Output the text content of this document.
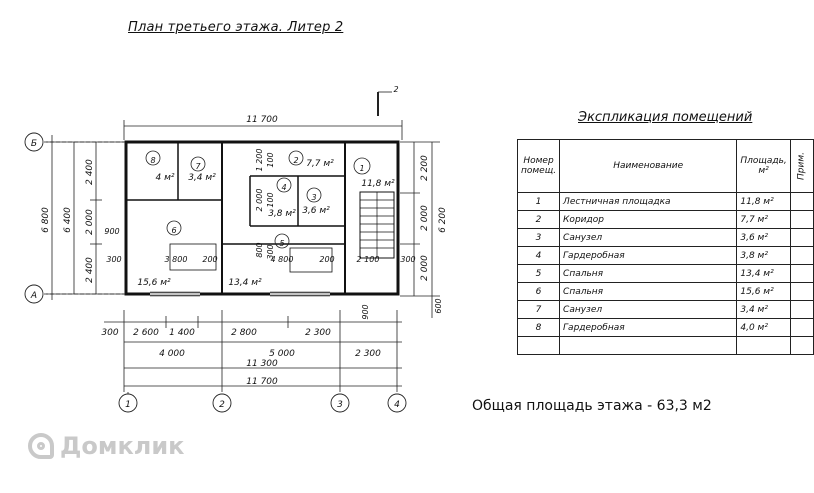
План третьего этажа. Литер 2
2
Б
А
1	2	3	4
11 700
300 2 600 1 400	2 800	2 300
4 000	5 000	2 300
11 300
11 700
6 800 6 400
2 400
2 000
2 400
2 200
2 000
2 000
6 200
600
900
300	3 800 200	4 800	200	2 100	300
1 200 100
2 000 100
800 300
900
1
11,8 м²
2 7,7 м²
3
3,6 м²
4
3,8 м²
5
13,4 м²
6
15,6 м²
7
3,4 м²
8
4 м²
Экспликация помещений
Номер помещ.	Наименование	Площадь, м²	Прим.
1	Лестничная площадка	11,8 м²	
2	Коридор	7,7 м²	
3	Санузел	3,6 м²	
4	Гардеробная	3,8 м²	
5	Спальня	13,4 м²	
6	Спальня	15,6 м²	
7	Санузел	3,4 м²	
8	Гардеробная	4,0 м²	

Общая площадь этажа - 63,3 м2
Домклик
